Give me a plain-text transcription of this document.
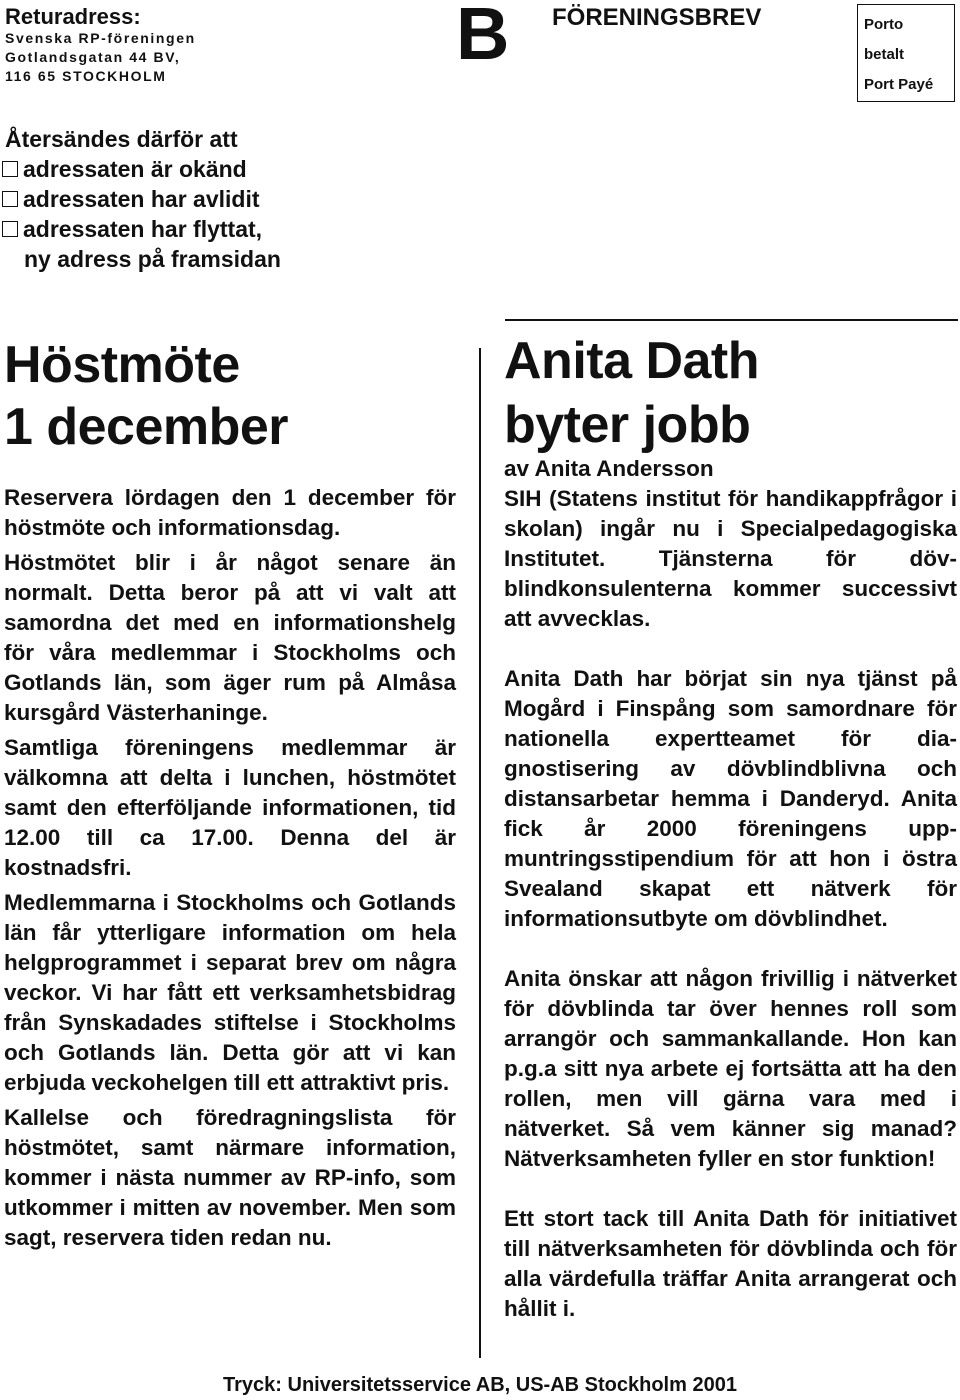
Returadress:
Svenska RP-föreningen
Gotlandsgatan 44 BV,
116 65 STOCKHOLM
B FÖRENINGSBREV	Porto
betalt
Port Payé
Återsändes därför att
adressaten är okänd
adressaten har avlidit
adressaten har flyttat,
ny adress på framsidan
Höstmöte
1 december

Reservera lördagen den 1 december för höstmöte och informationsdag.

Höstmötet blir i år något senare än normalt. Detta beror på att vi valt att samordna det med en informationshelg för våra medlemmar i Stockholms och Gotlands län, som äger rum på Almåsa kursgård Västerhaninge.

Samtliga föreningens medlemmar är välkomna att delta i lunchen, höstmötet samt den efterföljande informationen, tid 12.00 till ca 17.00. Denna del är kostnadsfri.

Medlemmarna i Stockholms och Gotlands län får ytterligare information om hela helgprogrammet i separat brev om några veckor. Vi har fått ett verksamhetsbidrag från Synskadades stiftelse i Stockholms och Gotlands län. Detta gör att vi kan erbjuda veckohelgen till ett attraktivt pris.

Kallelse och föredragningslista för höstmötet, samt närmare information, kommer i nästa nummer av RP-info, som utkommer i mitten av november. Men som sagt, reservera tiden redan nu.

Anita Dath
byter jobb

av Anita Andersson

SIH (Statens institut för handikappfrågor i skolan) ingår nu i Specialpedagogiska Institutet. Tjänsterna för dövblindkonsulenterna kommer successivt att avvecklas.

Anita Dath har börjat sin nya tjänst på Mogård i Finspång som samordnare för nationella expertteamet för diagnostisering av dövblindblivna och distansarbetar hemma i Danderyd. Anita fick år 2000 föreningens uppmuntringsstipendium för att hon i östra Svealand skapat ett nätverk för informationsutbyte om dövblindhet.

Anita önskar att någon frivillig i nätverket för dövblinda tar över hennes roll som arrangör och sammankallande. Hon kan p.g.a sitt nya arbete ej fortsätta att ha den rollen, men vill gärna vara med i nätverket. Så vem känner sig manad? Nätverksamheten fyller en stor funktion!

Ett stort tack till Anita Dath för initiativet till nätverksamheten för dövblinda och för alla värdefulla träffar Anita arrangerat och hållit i.

Tryck: Universitetsservice AB, US-AB Stockholm 2001
